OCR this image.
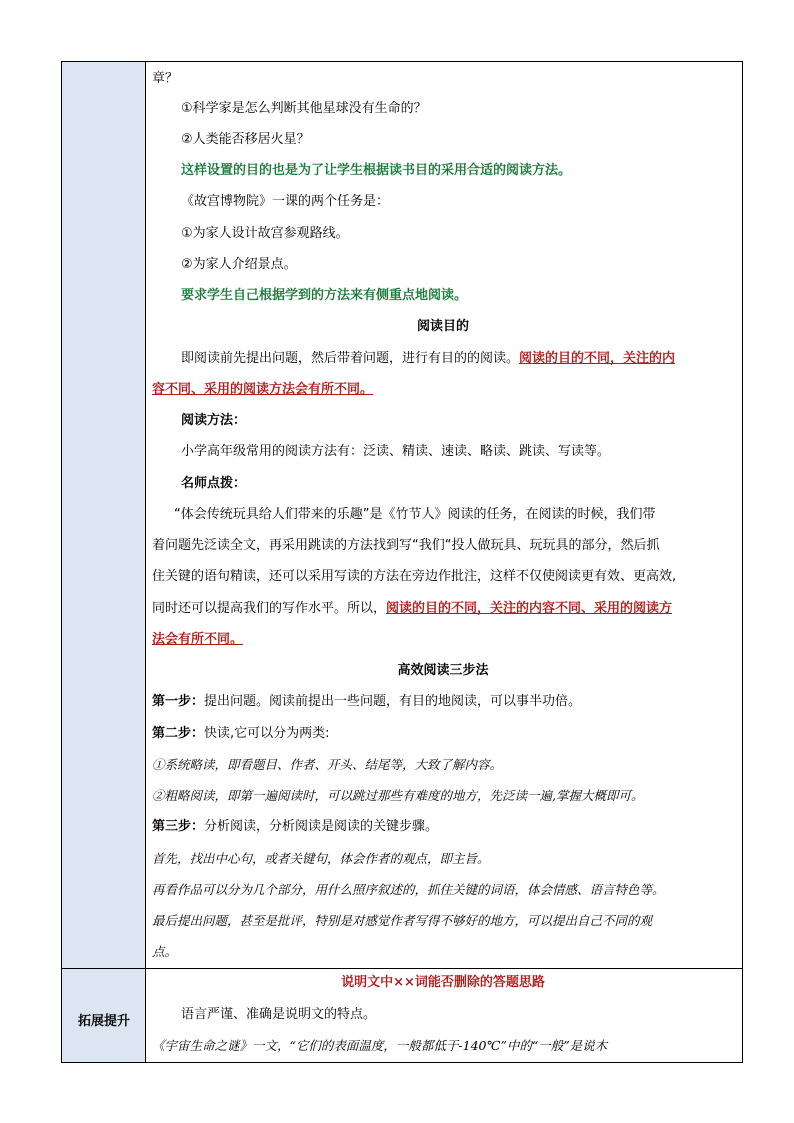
拓展提升
章？
①科学家是怎么判断其他星球没有生命的？
②人类能否移居火星？
这样设置的目的也是为了让学生根据读书目的采用合适的阅读方法。
《故宫博物院》一课的两个任务是：
①为家人设计故宫参观路线。
②为家人介绍景点。
要求学生自己根据学到的方法来有侧重点地阅读。
阅读目的
即阅读前先提出问题，然后带着问题，进行有目的的阅读。阅读的目的不同，关注的内
容不同、采用的阅读方法会有所不同。
阅读方法：
小学高年级常用的阅读方法有：泛读、精读、速读、略读、跳读、写读等。
名师点拨：
“体会传统玩具给人们带来的乐趣”是《竹节人》阅读的任务，在阅读的时候，我们带
着问题先泛读全文，再采用跳读的方法找到写“我们“投人做玩具、玩玩具的部分，然后抓
住关键的语句精读，还可以采用写读的方法在旁边作批注，这样不仅使阅读更有效、更高效,
同时还可以提高我们的写作水平。所以，阅读的目的不同，关注的内容不同、采用的阅读方
法会有所不同。
高效阅读三步法
第一步：提出问题。阅读前提出一些问题，有目的地阅读，可以事半功倍。
第二步：快读,它可以分为两类:
①系统略读，即看题目、作者、开头、结尾等，大致了解内容。
②粗略阅读，即第一遍阅读时，可以跳过那些有难度的地方，先泛读一遍,掌握大概即可。
第三步：分析阅读，分析阅读是阅读的关键步骤。
首先，找出中心句，或者关键句，体会作者的观点，即主旨。
再看作品可以分为几个部分，用什么照序叙述的，抓住关键的词语，体会情感、语言特色等。
最后提出问题，甚至是批评，特别是对感觉作者写得不够好的地方，可以提出自己不同的观
点。
说明文中××词能否删除的答题思路
语言严谨、准确是说明文的特点。
《宇宙生命之谜》一文，“它们的表面温度，一般都低于-140℃”中的“一般”是说木
